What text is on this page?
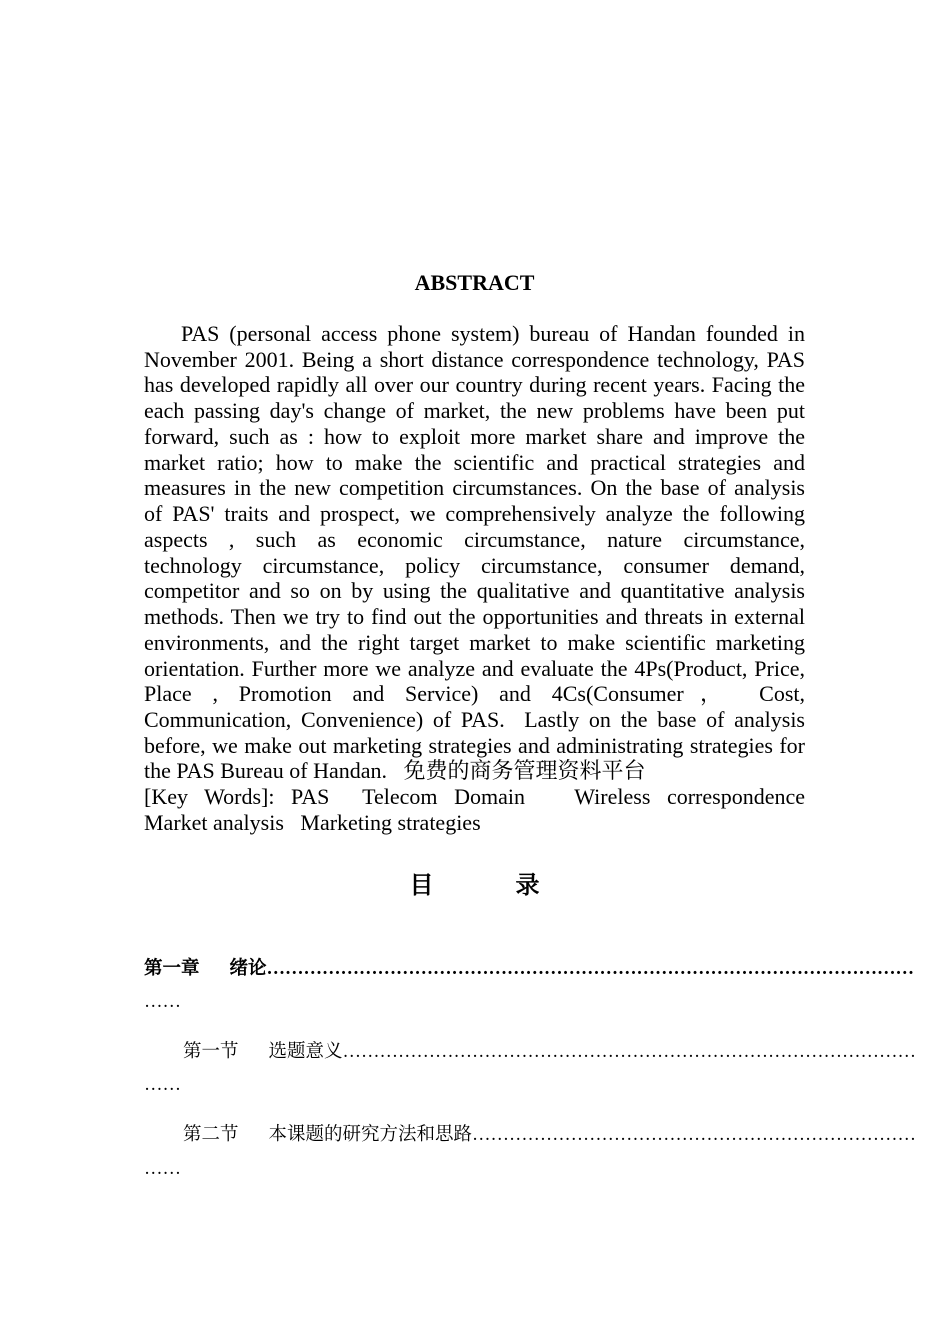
ABSTRACT
PAS (personal access phone system) bureau of Handan founded in
November 2001. Being a short distance correspondence technology, PAS
has developed rapidly all over our country during recent years. Facing the
each passing day's change of market, the new problems have been put
forward, such as : how to exploit more market share and improve the
market ratio; how to make the scientific and practical strategies and
measures in the new competition circumstances. On the base of analysis
of PAS' traits and prospect, we comprehensively analyze the following
aspects , such as economic circumstance, nature circumstance,
technology circumstance, policy circumstance, consumer demand,
competitor and so on by using the qualitative and quantitative analysis
methods. Then we try to find out the opportunities and threats in external
environments, and the right target market to make scientific marketing
orientation. Further more we analyze and evaluate the 4Ps(Product, Price,
Place , Promotion and Service) and 4Cs(Consumer， Cost,
Communication, Convenience) of PAS.  Lastly on the base of analysis
before, we make out marketing strategies and administrating strategies for
the PAS Bureau of Handan.   免费的商务管理资料平台
[Key Words]: PAS  Telecom Domain   Wireless correspondence
Market analysis   Marketing strategies
目 录
第一章 绪论 ……………………………………………………………………………………………
……
第一节 选题意义 …………………………………………………………………………………
……
第二节 本课题的研究方法和思路 ………………………………………………………………
……
